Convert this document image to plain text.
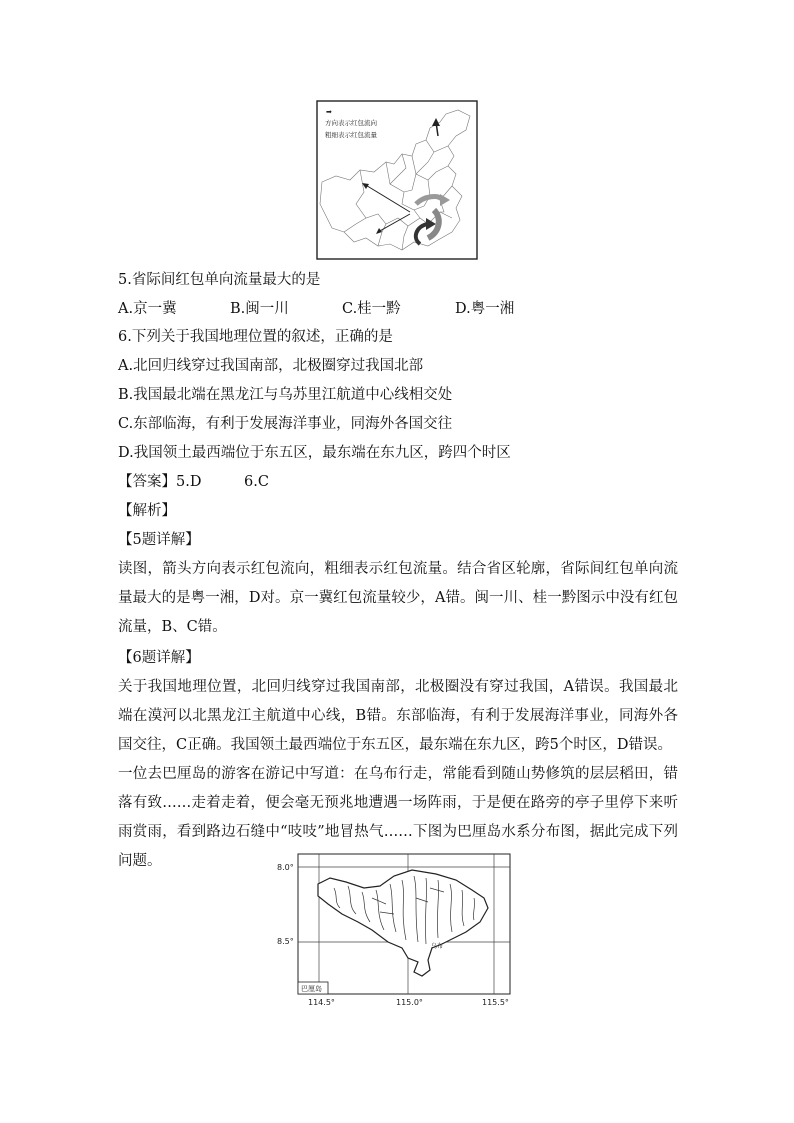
➡
方向表示红包流向
粗细表示红包流量
5.省际间红包单向流量最大的是
A.京一冀	B.闽一川	C.桂一黔	D.粤一湘
6.下列关于我国地理位置的叙述，正确的是
A.北回归线穿过我国南部，北极圈穿过我国北部
B.我国最北端在黑龙江与乌苏里江航道中心线相交处
C.东部临海，有利于发展海洋事业，同海外各国交往
D.我国领土最西端位于东五区，最东端在东九区，跨四个时区
【答案】 5.D	6.C
【解析】
【5题详解】
读图，箭头方向表示红包流向，粗细表示红包流量。结合省区轮廓，省际间红包单向流量最大的是粤一湘，D对。京一冀红包流量较少，A错。闽一川、桂一黔图示中没有红包流量，B、C错。
【6题详解】
关于我国地理位置，北回归线穿过我国南部，北极圈没有穿过我国，A错误。我国最北端在漠河以北黑龙江主航道中心线，B错。东部临海，有利于发展海洋事业，同海外各国交往，C正确。我国领土最西端位于东五区，最东端在东九区，跨5个时区，D错误。
一位去巴厘岛的游客在游记中写道：在乌布行走，常能看到随山势修筑的层层稻田，错落有致……走着走着，便会毫无预兆地遭遇一场阵雨，于是便在路旁的亭子里停下来听雨赏雨，看到路边石缝中“吱吱”地冒热气……下图为巴厘岛水系分布图，据此完成下列问题。	8.0°
8.5°
乌布
巴厘岛
114.5°	115.0°	115.5°
